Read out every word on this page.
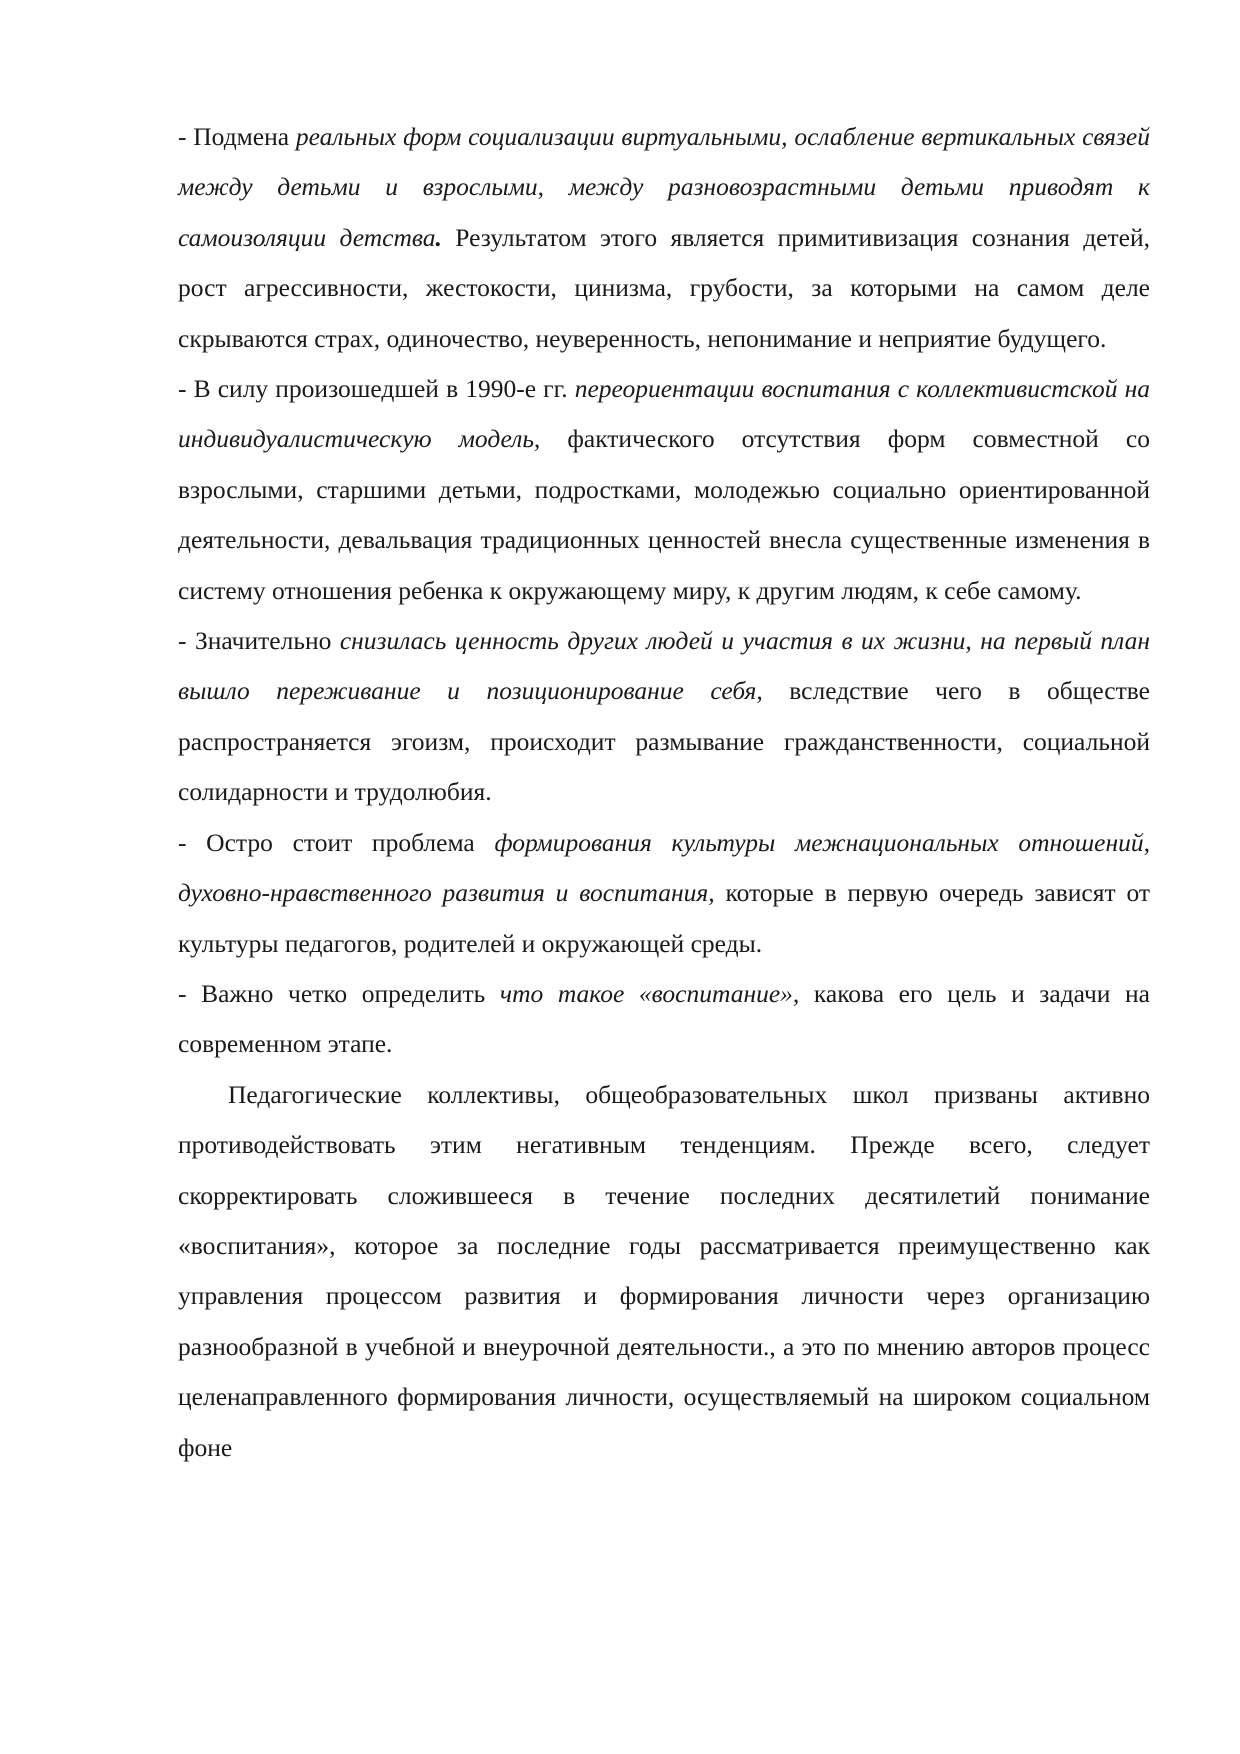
- Подмена реальных форм социализации виртуальными, ослабление вертикальных связей между детьми и взрослыми, между разновозрастными детьми приводят к самоизоляции детства. Результатом этого является примитивизация сознания детей, рост агрессивности, жестокости, цинизма, грубости, за которыми на самом деле скрываются страх, одиночество, неуверенность, непонимание и неприятие будущего.

- В силу произошедшей в 1990-е гг. переориентации воспитания с коллективистской на индивидуалистическую модель, фактического отсутствия форм совместной со взрослыми, старшими детьми, подростками, молодежью социально ориентированной деятельности, девальвация традиционных ценностей внесла существенные изменения в систему отношения ребенка к окружающему миру, к другим людям, к себе самому.

- Значительно снизилась ценность других людей и участия в их жизни, на первый план вышло переживание и позиционирование себя, вследствие чего в обществе распространяется эгоизм, происходит размывание гражданственности, социальной солидарности и трудолюбия.

- Остро стоит проблема формирования культуры межнациональных отношений, духовно-нравственного развития и воспитания, которые в первую очередь зависят от культуры педагогов, родителей и окружающей среды.

- Важно четко определить что такое «воспитание», какова его цель и задачи на современном этапе.

Педагогические коллективы, общеобразовательных школ призваны активно противодействовать этим негативным тенденциям. Прежде всего, следует скорректировать сложившееся в течение последних десятилетий понимание «воспитания», которое за последние годы рассматривается преимущественно как управления процессом развития и формирования личности через организацию разнообразной в учебной и внеурочной деятельности., а это по мнению авторов процесс целенаправленного формирования личности, осуществляемый на широком социальном фоне
